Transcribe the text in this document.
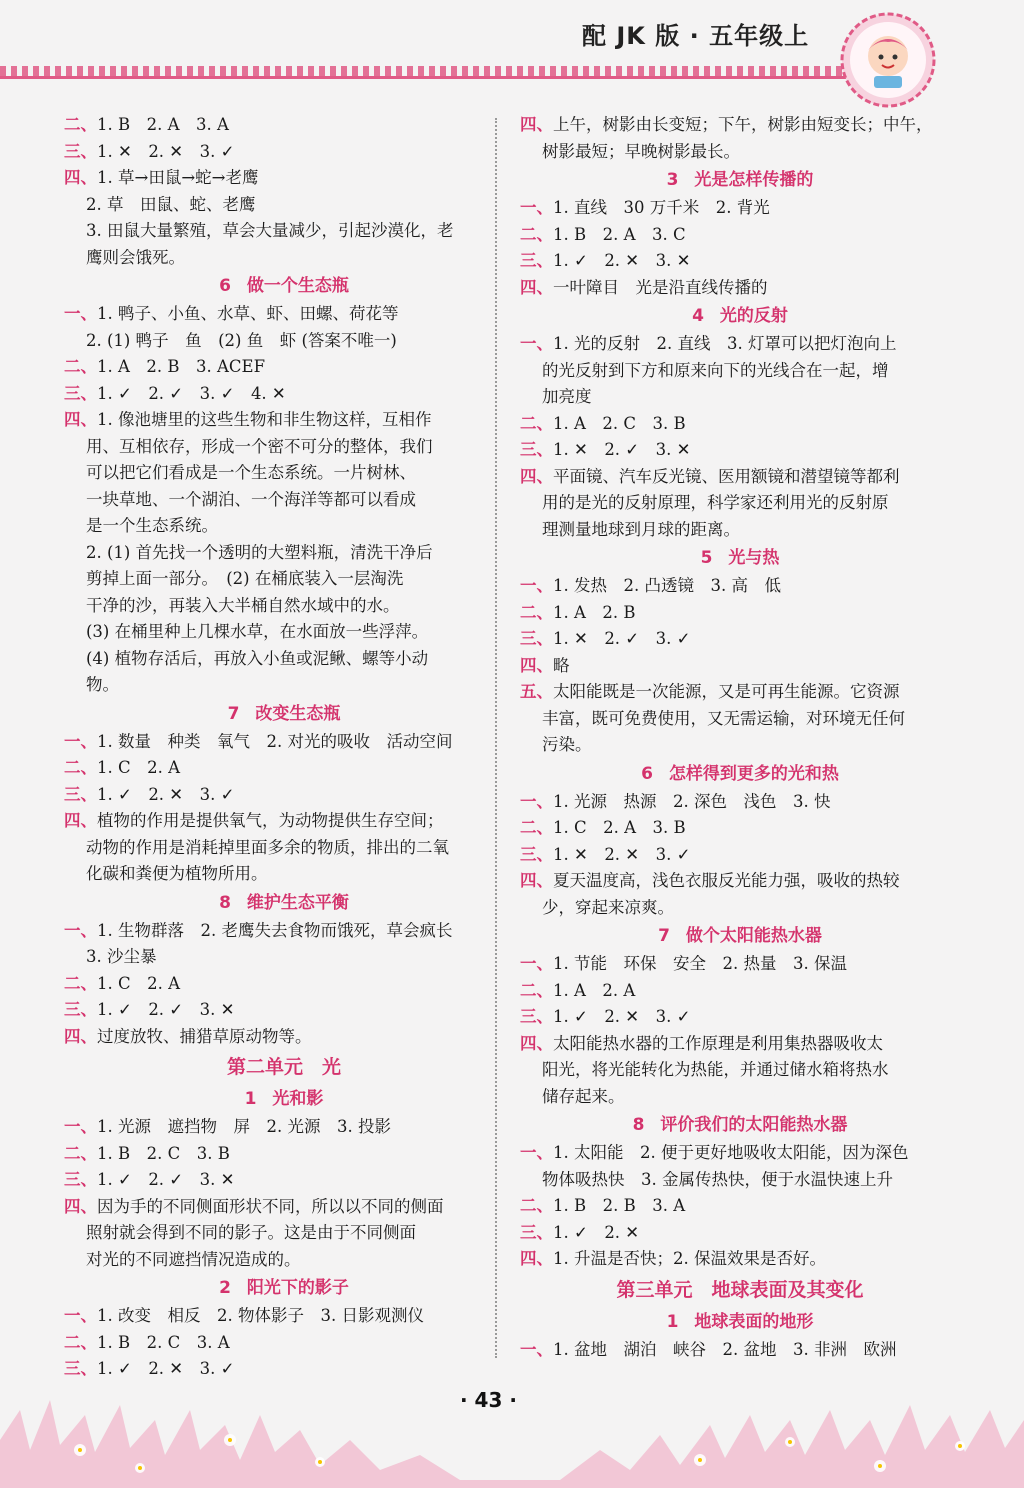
配 JK 版 · 五年级上
二、1. B　2. A　3. A
三、1. ✕　2. ✕　3. ✓
四、1. 草→田鼠→蛇→老鹰
2. 草　田鼠、蛇、老鹰
3. 田鼠大量繁殖，草会大量减少，引起沙漠化，老
鹰则会饿死。
6 做一个生态瓶
一、1. 鸭子、小鱼、水草、虾、田螺、荷花等
2. (1) 鸭子　鱼　(2) 鱼　虾 (答案不唯一)
二、1. A　2. B　3. ACEF
三、1. ✓　2. ✓　3. ✓　4. ✕
四、1. 像池塘里的这些生物和非生物这样，互相作
用、互相依存，形成一个密不可分的整体，我们
可以把它们看成是一个生态系统。一片树林、
一块草地、一个湖泊、一个海洋等都可以看成
是一个生态系统。
2. (1) 首先找一个透明的大塑料瓶，清洗干净后
剪掉上面一部分。　(2) 在桶底装入一层淘洗
干净的沙，再装入大半桶自然水域中的水。
(3) 在桶里种上几棵水草，在水面放一些浮萍。
(4) 植物存活后，再放入小鱼或泥鳅、螺等小动
物。
7 改变生态瓶
一、1. 数量　种类　氧气　2. 对光的吸收　活动空间
二、1. C　2. A
三、1. ✓　2. ✕　3. ✓
四、植物的作用是提供氧气，为动物提供生存空间；
动物的作用是消耗掉里面多余的物质，排出的二氧
化碳和粪便为植物所用。
8 维护生态平衡
一、1. 生物群落　2. 老鹰失去食物而饿死，草会疯长
3. 沙尘暴
二、1. C　2. A
三、1. ✓　2. ✓　3. ✕
四、过度放牧、捕猎草原动物等。
第二单元　光
1 光和影
一、1. 光源　遮挡物　屏　2. 光源　3. 投影
二、1. B　2. C　3. B
三、1. ✓　2. ✓　3. ✕
四、因为手的不同侧面形状不同，所以以不同的侧面
照射就会得到不同的影子。这是由于不同侧面
对光的不同遮挡情况造成的。
2 阳光下的影子
一、1. 改变　相反　2. 物体影子　3. 日影观测仪
二、1. B　2. C　3. A
三、1. ✓　2. ✕　3. ✓
四、上午，树影由长变短；下午，树影由短变长；中午，
树影最短；早晚树影最长。
3 光是怎样传播的
一、1. 直线　30 万千米　2. 背光
二、1. B　2. A　3. C
三、1. ✓　2. ✕　3. ✕
四、一叶障目　光是沿直线传播的
4 光的反射
一、1. 光的反射　2. 直线　3. 灯罩可以把灯泡向上
的光反射到下方和原来向下的光线合在一起，增
加亮度
二、1. A　2. C　3. B
三、1. ✕　2. ✓　3. ✕
四、平面镜、汽车反光镜、医用额镜和潜望镜等都利
用的是光的反射原理，科学家还利用光的反射原
理测量地球到月球的距离。
5 光与热
一、1. 发热　2. 凸透镜　3. 高　低
二、1. A　2. B
三、1. ✕　2. ✓　3. ✓
四、略
五、太阳能既是一次能源，又是可再生能源。它资源
丰富，既可免费使用，又无需运输，对环境无任何
污染。
6 怎样得到更多的光和热
一、1. 光源　热源　2. 深色　浅色　3. 快
二、1. C　2. A　3. B
三、1. ✕　2. ✕　3. ✓
四、夏天温度高，浅色衣服反光能力强，吸收的热较
少，穿起来凉爽。
7 做个太阳能热水器
一、1. 节能　环保　安全　2. 热量　3. 保温
二、1. A　2. A
三、1. ✓　2. ✕　3. ✓
四、太阳能热水器的工作原理是利用集热器吸收太
阳光，将光能转化为热能，并通过储水箱将热水
储存起来。
8 评价我们的太阳能热水器
一、1. 太阳能　2. 便于更好地吸收太阳能，因为深色
物体吸热快　3. 金属传热快，便于水温快速上升
二、1. B　2. B　3. A
三、1. ✓　2. ✕
四、1. 升温是否快；2. 保温效果是否好。
第三单元　地球表面及其变化
1 地球表面的地形
一、1. 盆地　湖泊　峡谷　2. 盆地　3. 非洲　欧洲
· 43 ·
